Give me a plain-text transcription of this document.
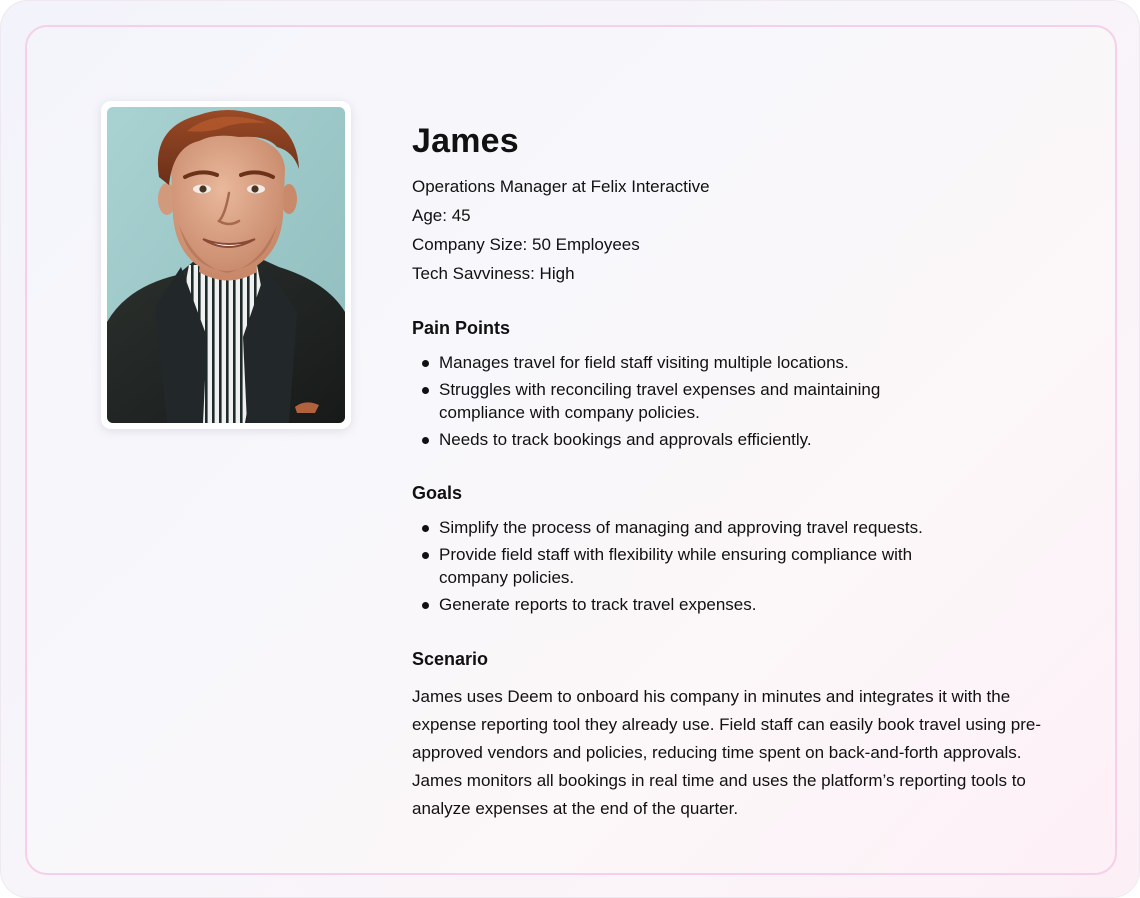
James
Operations Manager at Felix Interactive
Age: 45
Company Size: 50 Employees
Tech Savviness: High
Pain Points
Manages travel for field staff visiting multiple locations.
Struggles with reconciling travel expenses and maintaining compliance with company policies.
Needs to track bookings and approvals efficiently.
Goals
Simplify the process of managing and approving travel requests.
Provide field staff with flexibility while ensuring compliance with company policies.
Generate reports to track travel expenses.
Scenario

James uses Deem to onboard his company in minutes and integrates it with the expense reporting tool they already use. Field staff can easily book travel using pre-approved vendors and policies, reducing time spent on back-and-forth approvals. James monitors all bookings in real time and uses the platform’s reporting tools to analyze expenses at the end of the quarter.
